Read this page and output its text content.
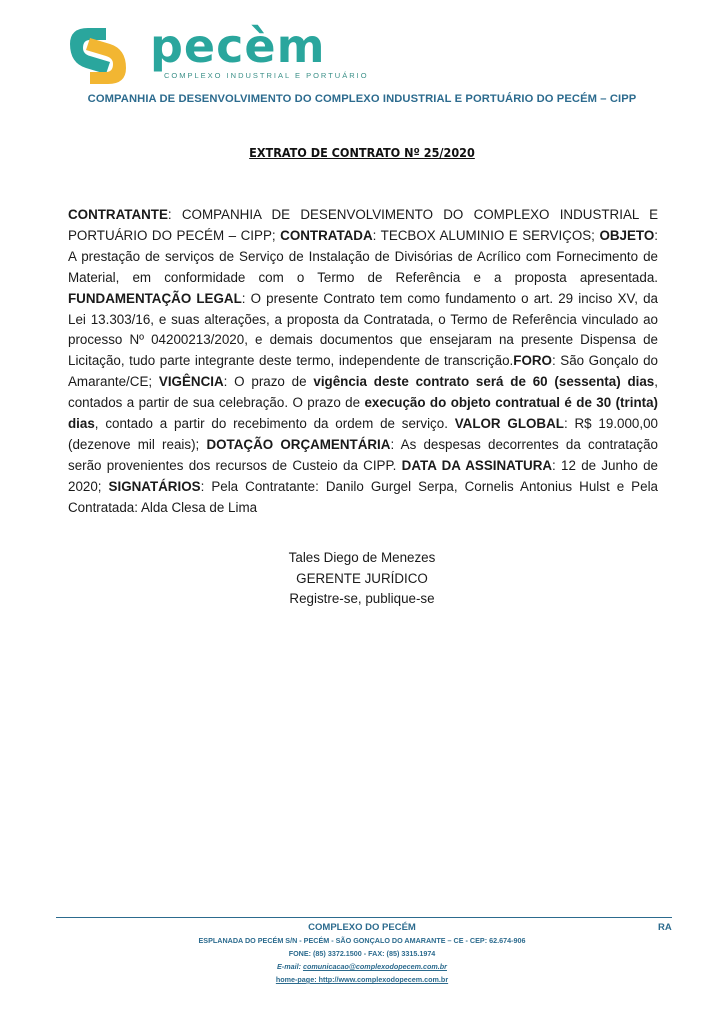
pecèm
COMPLEXO INDUSTRIAL E PORTUÁRIO
COMPANHIA DE DESENVOLVIMENTO DO COMPLEXO INDUSTRIAL E PORTUÁRIO DO PECÉM – CIPP
EXTRATO DE CONTRATO Nº 25/2020
CONTRATANTE: COMPANHIA DE DESENVOLVIMENTO DO COMPLEXO INDUSTRIAL E PORTUÁRIO DO PECÉM – CIPP; CONTRATADA: TECBOX ALUMINIO E SERVIÇOS; OBJETO: A prestação de serviços de Serviço de Instalação de Divisórias de Acrílico com Fornecimento de Material, em conformidade com o Termo de Referência e a proposta apresentada. FUNDAMENTAÇÃO LEGAL: O presente Contrato tem como fundamento o art. 29 inciso XV, da Lei 13.303/16, e suas alterações, a proposta da Contratada, o Termo de Referência vinculado ao processo Nº 04200213/2020, e demais documentos que ensejaram na presente Dispensa de Licitação, tudo parte integrante deste termo, independente de transcrição.FORO: São Gonçalo do Amarante/CE; VIGÊNCIA: O prazo de vigência deste contrato será de 60 (sessenta) dias, contados a partir de sua celebração. O prazo de execução do objeto contratual é de 30 (trinta) dias, contado a partir do recebimento da ordem de serviço. VALOR GLOBAL: R$ 19.000,00 (dezenove mil reais); DOTAÇÃO ORÇAMENTÁRIA: As despesas decorrentes da contratação serão provenientes dos recursos de Custeio da CIPP. DATA DA ASSINATURA: 12 de Junho de 2020; SIGNATÁRIOS: Pela Contratante: Danilo Gurgel Serpa, Cornelis Antonius Hulst e Pela Contratada: Alda Clesa de Lima
Tales Diego de Menezes
GERENTE JURÍDICO
Registre-se, publique-se
RA
COMPLEXO DO PECÉM
ESPLANADA DO PECÉM S/N - PECÉM - SÃO GONÇALO DO AMARANTE – CE - CEP: 62.674-906
FONE: (85) 3372.1500 - FAX: (85) 3315.1974
E-mail: comunicacao@complexodopecem.com.br
home-page: http://www.complexodopecem.com.br
